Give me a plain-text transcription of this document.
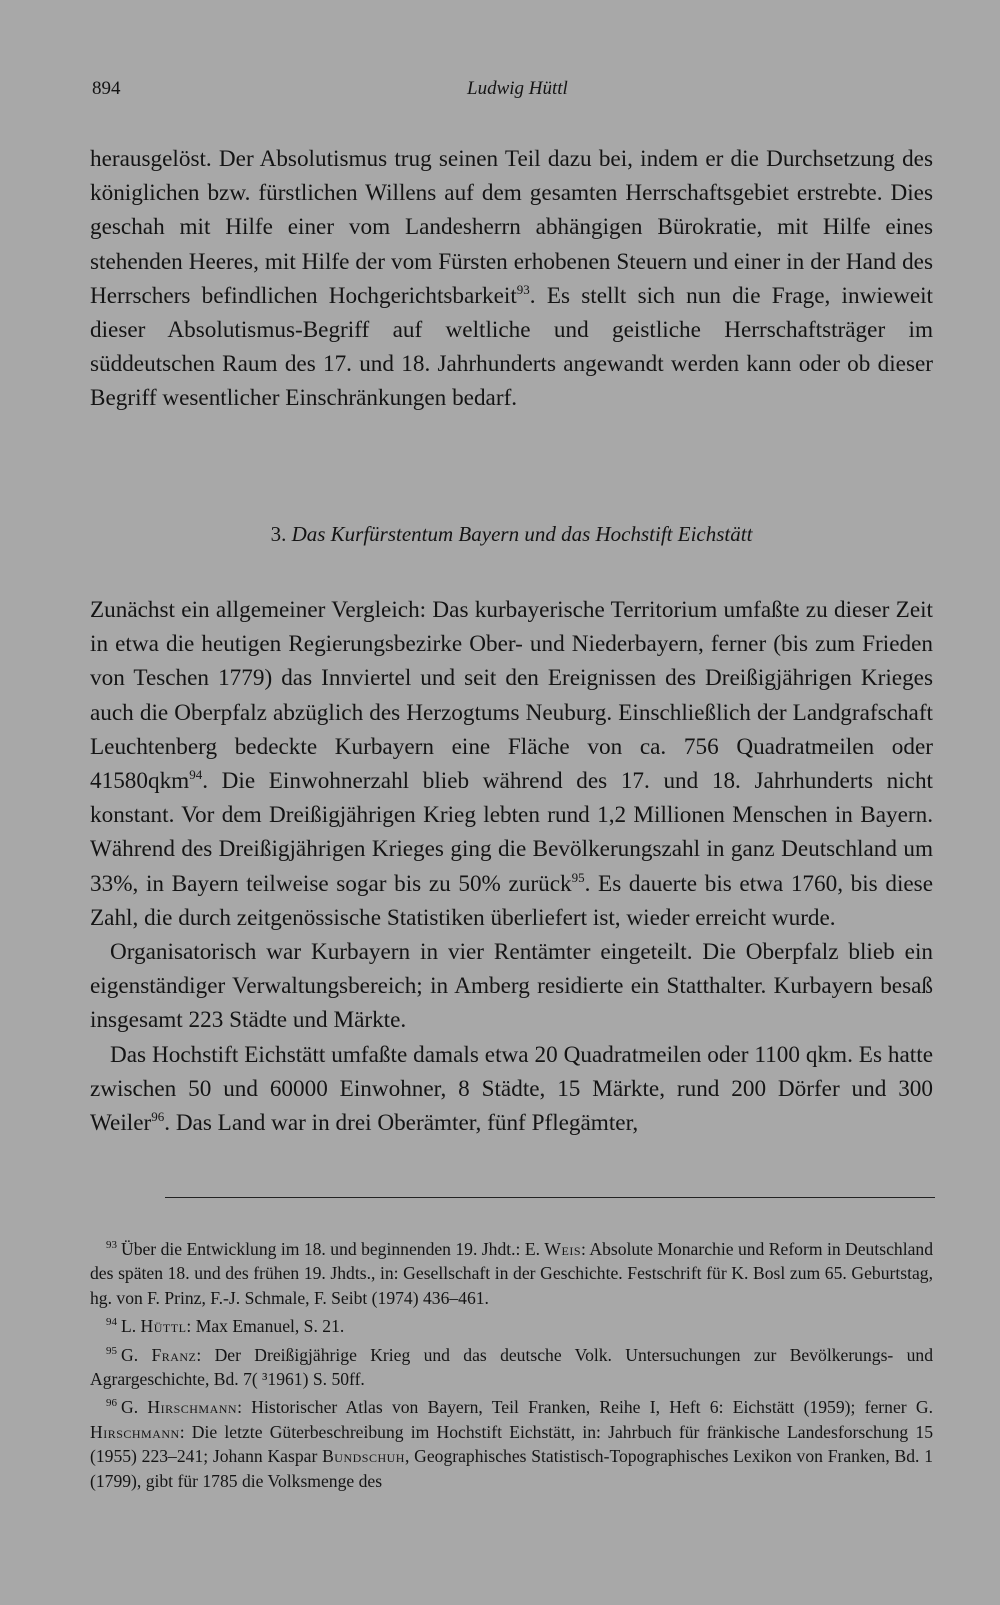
894	Ludwig Hüttl

herausgelöst. Der Absolutismus trug seinen Teil dazu bei, indem er die Durchsetzung des königlichen bzw. fürstlichen Willens auf dem gesamten Herrschaftsgebiet erstrebte. Dies geschah mit Hilfe einer vom Landesherrn abhängigen Bürokratie, mit Hilfe eines stehenden Heeres, mit Hilfe der vom Fürsten erhobenen Steuern und einer in der Hand des Herrschers befindlichen Hochgerichtsbarkeit$^{93}$. Es stellt sich nun die Frage, inwieweit dieser Absolutismus-Begriff auf weltliche und geistliche Herrschaftsträger im süddeutschen Raum des 17. und 18. Jahrhunderts angewandt werden kann oder ob dieser Begriff wesentlicher Einschränkungen bedarf.

3. Das Kurfürstentum Bayern und das Hochstift Eichstätt

Zunächst ein allgemeiner Vergleich: Das kurbayerische Territorium umfaßte zu dieser Zeit in etwa die heutigen Regierungsbezirke Ober- und Niederbayern, ferner (bis zum Frieden von Teschen 1779) das Innviertel und seit den Ereignissen des Dreißigjährigen Krieges auch die Oberpfalz abzüglich des Herzogtums Neuburg. Einschließlich der Landgrafschaft Leuchtenberg bedeckte Kurbayern eine Fläche von ca. 756 Quadratmeilen oder 41580qkm$^{94}$. Die Einwohnerzahl blieb während des 17. und 18. Jahrhunderts nicht konstant. Vor dem Dreißigjährigen Krieg lebten rund 1,2 Millionen Menschen in Bayern. Während des Dreißigjährigen Krieges ging die Bevölkerungszahl in ganz Deutschland um 33%, in Bayern teilweise sogar bis zu 50% zurück$^{95}$. Es dauerte bis etwa 1760, bis diese Zahl, die durch zeitgenössische Statistiken überliefert ist, wieder erreicht wurde.

Organisatorisch war Kurbayern in vier Rentämter eingeteilt. Die Oberpfalz blieb ein eigenständiger Verwaltungsbereich; in Amberg residierte ein Statthalter. Kurbayern besaß insgesamt 223 Städte und Märkte.

Das Hochstift Eichstätt umfaßte damals etwa 20 Quadratmeilen oder 1100 qkm. Es hatte zwischen 50 und 60000 Einwohner, 8 Städte, 15 Märkte, rund 200 Dörfer und 300 Weiler$^{96}$. Das Land war in drei Oberämter, fünf Pflegämter,

$^{93}$ Über die Entwicklung im 18. und beginnenden 19. Jhdt.: E. Weis: Absolute Monarchie und Reform in Deutschland des späten 18. und des frühen 19. Jhdts., in: Gesellschaft in der Geschichte. Festschrift für K. Bosl zum 65. Geburtstag, hg. von F. Prinz, F.-J. Schmale, F. Seibt (1974) 436–461.

$^{94}$ L. Hüttl: Max Emanuel, S. 21.

$^{95}$ G. Franz: Der Dreißigjährige Krieg und das deutsche Volk. Untersuchungen zur Bevölkerungs- und Agrargeschichte, Bd. 7( ³1961) S. 50ff.

$^{96}$ G. Hirschmann: Historischer Atlas von Bayern, Teil Franken, Reihe I, Heft 6: Eichstätt (1959); ferner G. Hirschmann: Die letzte Güterbeschreibung im Hochstift Eichstätt, in: Jahrbuch für fränkische Landesforschung 15 (1955) 223–241; Johann Kaspar Bundschuh, Geographisches Statistisch-Topographisches Lexikon von Franken, Bd. 1 (1799), gibt für 1785 die Volksmenge des
